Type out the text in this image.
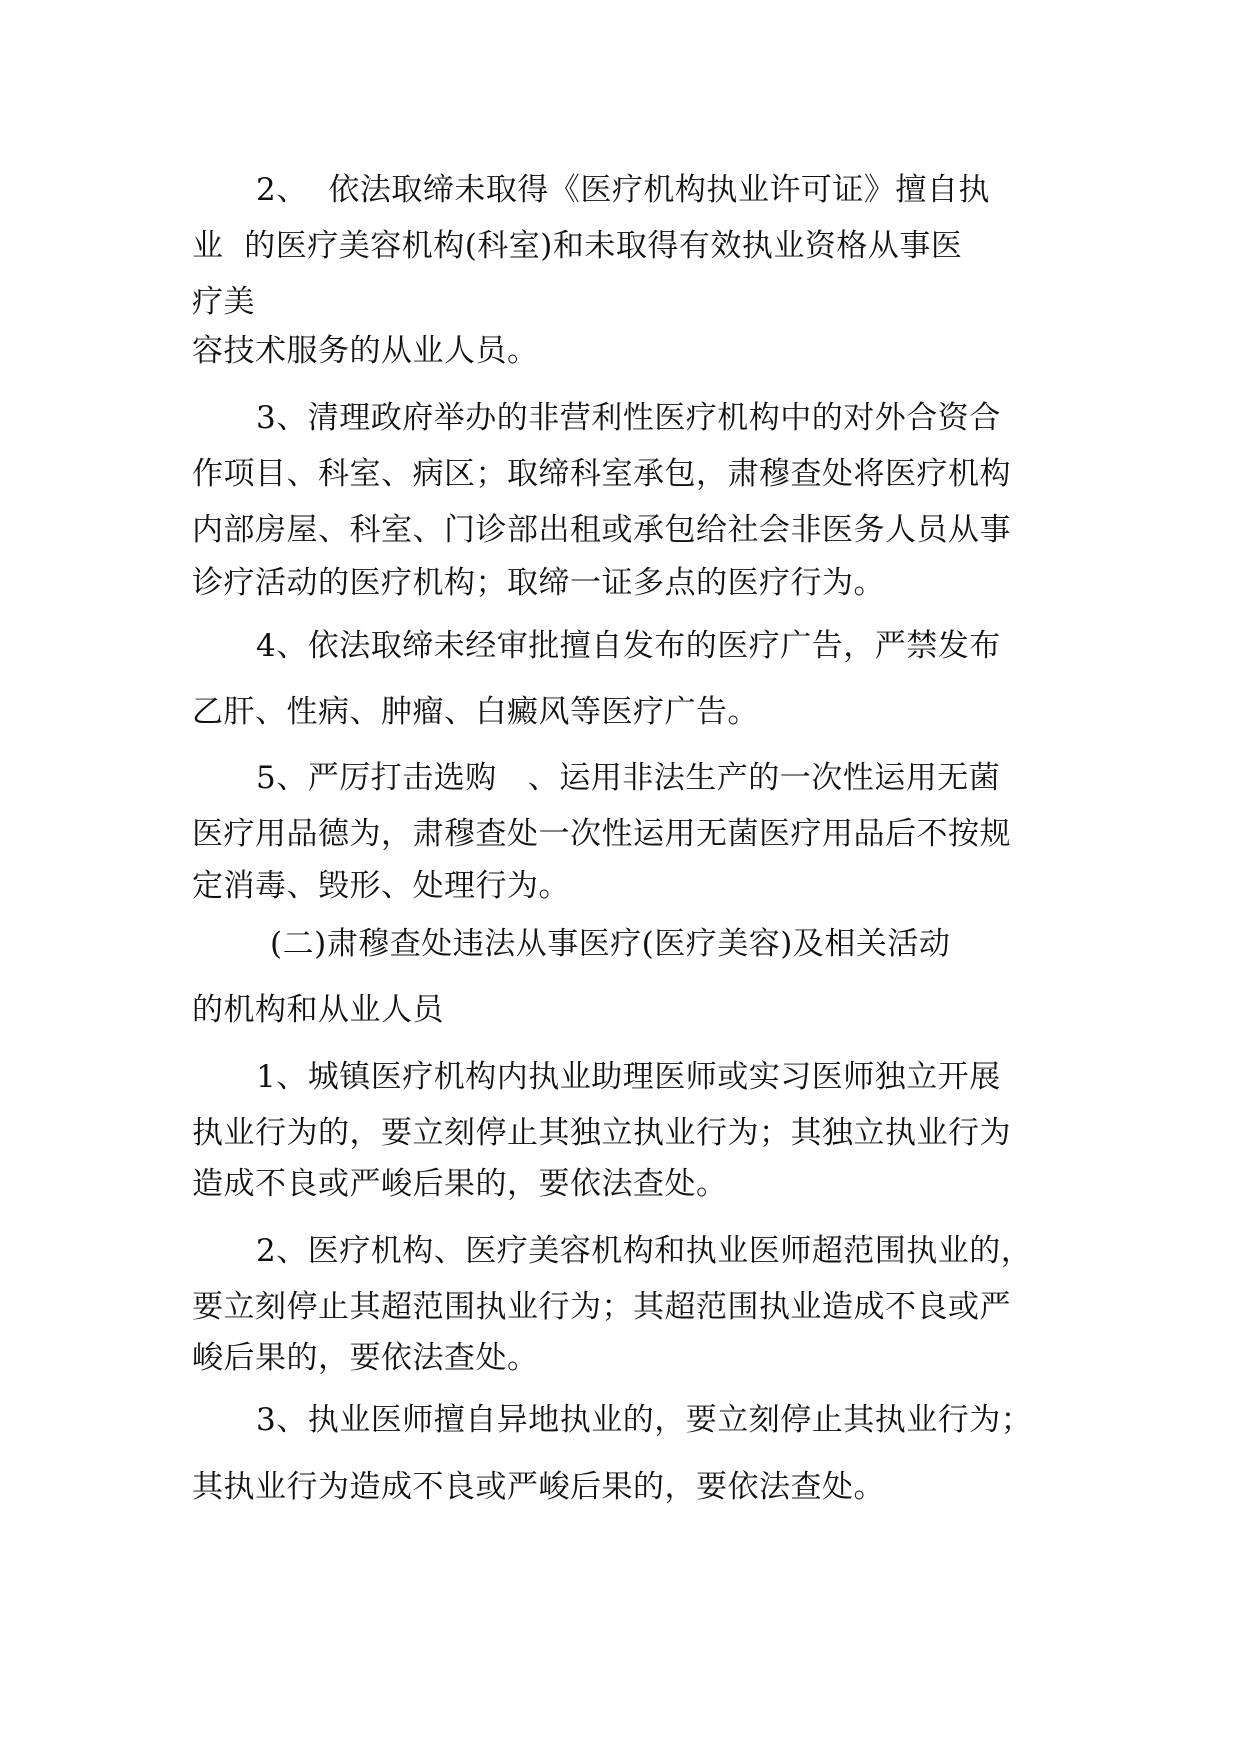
2、  依法取缔未取得《医疗机构执业许可证》擅自执
业  的医疗美容机构(科室)和未取得有效执业资格从事医
疗美
容技术服务的从业人员。
3、清理政府举办的非营利性医疗机构中的对外合资合
作项目、科室、病区；取缔科室承包，肃穆查处将医疗机构
内部房屋、科室、门诊部出租或承包给社会非医务人员从事
诊疗活动的医疗机构；取缔一证多点的医疗行为。
4、依法取缔未经审批擅自发布的医疗广告，严禁发布
乙肝、性病、肿瘤、白癜风等医疗广告。
5、严厉打击选购   、运用非法生产的一次性运用无菌
医疗用品德为，肃穆查处一次性运用无菌医疗用品后不按规
定消毒、毁形、处理行为。
(二)肃穆查处违法从事医疗(医疗美容)及相关活动
的机构和从业人员
1、城镇医疗机构内执业助理医师或实习医师独立开展
执业行为的，要立刻停止其独立执业行为；其独立执业行为
造成不良或严峻后果的，要依法查处。
2、医疗机构、医疗美容机构和执业医师超范围执业的，
要立刻停止其超范围执业行为；其超范围执业造成不良或严
峻后果的，要依法查处。
3、执业医师擅自异地执业的，要立刻停止其执业行为；
其执业行为造成不良或严峻后果的，要依法查处。
